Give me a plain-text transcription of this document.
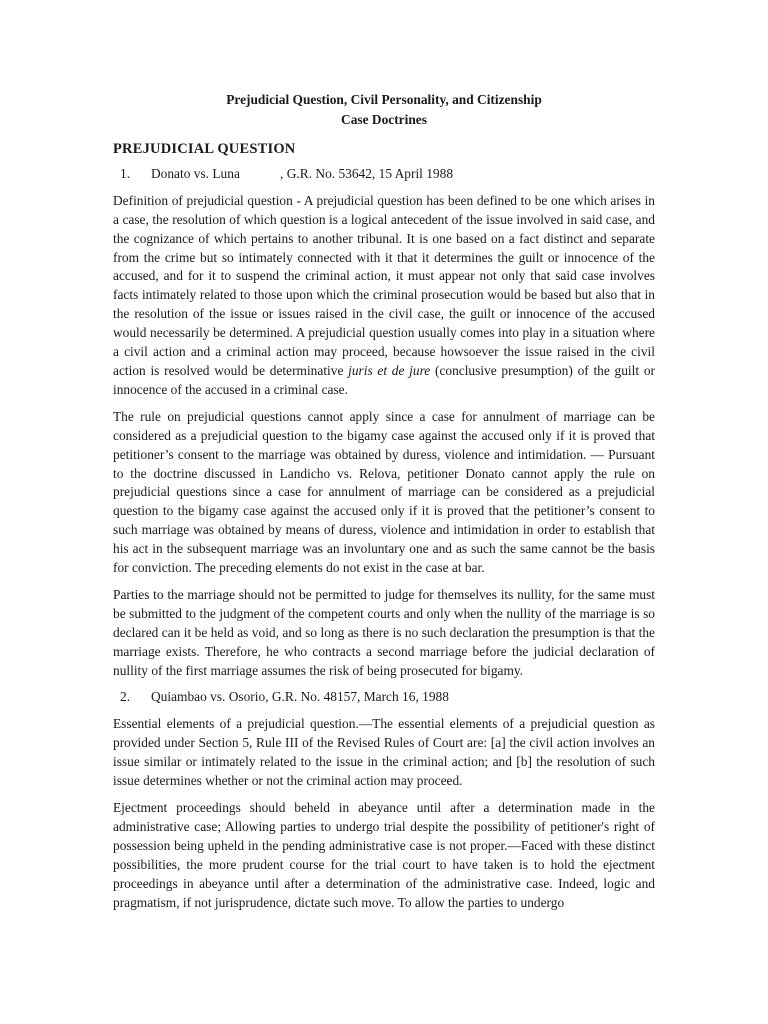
Prejudicial Question, Civil Personality, and Citizenship

Case Doctrines

PREJUDICIAL QUESTION
1.	Donato vs. Luna            , G.R. No. 53642, 15 April 1988

Definition of prejudicial question - A prejudicial question has been defined to be one which arises in a case, the resolution of which question is a logical antecedent of the issue involved in said case, and the cognizance of which pertains to another tribunal. It is one based on a fact distinct and separate from the crime but so intimately connected with it that it determines the guilt or innocence of the accused, and for it to suspend the criminal action, it must appear not only that said case involves facts intimately related to those upon which the criminal prosecution would be based but also that in the resolution of the issue or issues raised in the civil case, the guilt or innocence of the accused would necessarily be determined. A prejudicial question usually comes into play in a situation where a civil action and a criminal action may proceed, because howsoever the issue raised in the civil action is resolved would be determinative juris et de jure (conclusive presumption) of the guilt or innocence of the accused in a criminal case.

The rule on prejudicial questions cannot apply since a case for annulment of marriage can be considered as a prejudicial question to the bigamy case against the accused only if it is proved that petitioner’s consent to the marriage was obtained by duress, violence and intimidation. — Pursuant to the doctrine discussed in Landicho vs. Relova, petitioner Donato cannot apply the rule on prejudicial questions since a case for annulment of marriage can be considered as a prejudicial question to the bigamy case against the accused only if it is proved that the petitioner’s consent to such marriage was obtained by means of duress, violence and intimidation in order to establish that his act in the subsequent marriage was an involuntary one and as such the same cannot be the basis for conviction. The preceding elements do not exist in the case at bar.

Parties to the marriage should not be permitted to judge for themselves its nullity, for the same must be submitted to the judgment of the competent courts and only when the nullity of the marriage is so declared can it be held as void, and so long as there is no such declaration the presumption is that the marriage exists. Therefore, he who contracts a second marriage before the judicial declaration of nullity of the first marriage assumes the risk of being prosecuted for bigamy.

2.	Quiambao vs. Osorio, G.R. No. 48157, March 16, 1988

Essential elements of a prejudicial question.—The essential elements of a prejudicial question as provided under Section 5, Rule III of the Revised Rules of Court are: [a] the civil action involves an issue similar or intimately related to the issue in the criminal action; and [b] the resolution of such issue determines whether or not the criminal action may proceed.

Ejectment proceedings should beheld in abeyance until after a determination made in the administrative case; Allowing parties to undergo trial despite the possibility of petitioner's right of possession being upheld in the pending administrative case is not proper.—Faced with these distinct possibilities, the more prudent course for the trial court to have taken is to hold the ejectment proceedings in abeyance until after a determination of the administrative case. Indeed, logic and pragmatism, if not jurisprudence, dictate such move. To allow the parties to undergo
